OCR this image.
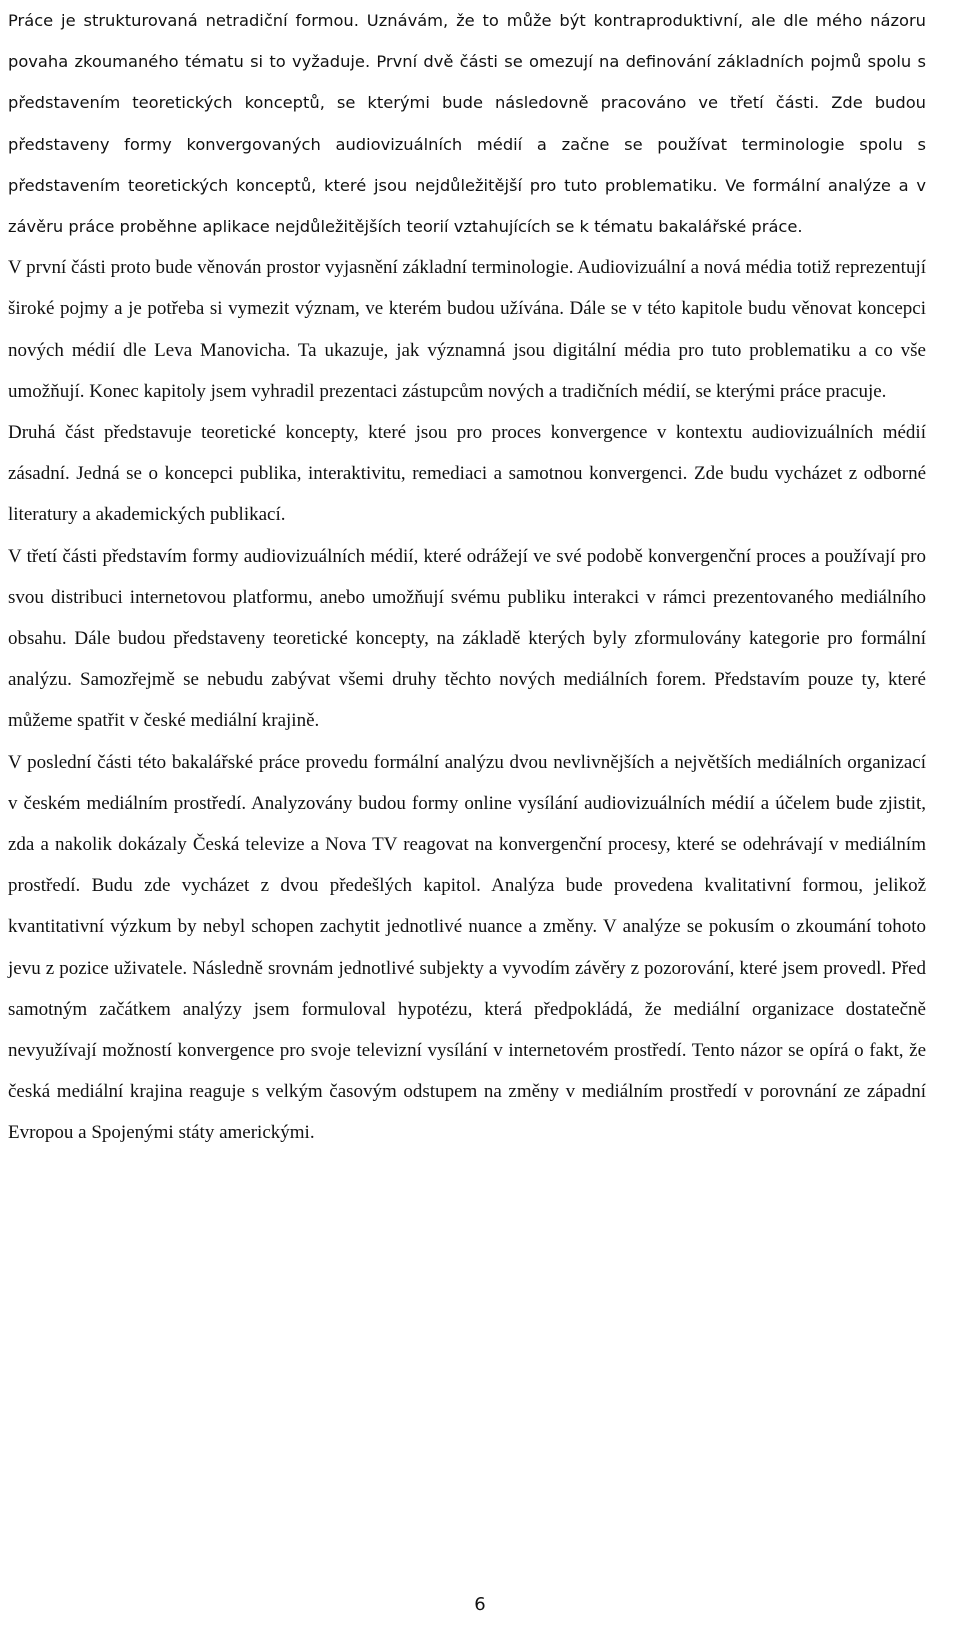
Práce je strukturovaná netradiční formou. Uznávám, že to může být kontraproduktivní, ale dle mého názoru povaha zkoumaného tématu si to vyžaduje. První dvě části se omezují na definování základních pojmů spolu s představením teoretických konceptů, se kterými bude následovně pracováno ve třetí části. Zde budou představeny formy konvergovaných audiovizuálních médií a začne se používat terminologie spolu s představením teoretických konceptů, které jsou nejdůležitější pro tuto problematiku. Ve formální analýze a v závěru práce proběhne aplikace nejdůležitějších teorií vztahujících se k tématu bakalářské práce.

V první části proto bude věnován prostor vyjasnění základní terminologie. Audiovizuální a nová média totiž reprezentují široké pojmy a je potřeba si vymezit význam, ve kterém budou užívána. Dále se v této kapitole budu věnovat koncepci nových médií dle Leva Manovicha. Ta ukazuje, jak významná jsou digitální média pro tuto problematiku a co vše umožňují. Konec kapitoly jsem vyhradil prezentaci zástupcům nových a tradičních médií, se kterými práce pracuje.

Druhá část představuje teoretické koncepty, které jsou pro proces konvergence v kontextu audiovizuálních médií zásadní. Jedná se o koncepci publika, interaktivitu, remediaci a samotnou konvergenci. Zde budu vycházet z odborné literatury a akademických publikací.

V třetí části představím formy audiovizuálních médií, které odrážejí ve své podobě konvergenční proces a používají pro svou distribuci internetovou platformu, anebo umožňují svému publiku interakci v rámci prezentovaného mediálního obsahu. Dále budou představeny teoretické koncepty, na základě kterých byly zformulovány kategorie pro formální analýzu. Samozřejmě se nebudu zabývat všemi druhy těchto nových mediálních forem. Představím pouze ty, které můžeme spatřit v české mediální krajině.

V poslední části této bakalářské práce provedu formální analýzu dvou nevlivnějších a největších mediálních organizací v českém mediálním prostředí. Analyzovány budou formy online vysílání audiovizuálních médií a účelem bude zjistit, zda a nakolik dokázaly Česká televize a Nova TV reagovat na konvergenční procesy, které se odehrávají v mediálním prostředí. Budu zde vycházet z dvou předešlých kapitol. Analýza bude provedena kvalitativní formou, jelikož kvantitativní výzkum by nebyl schopen zachytit jednotlivé nuance a změny. V analýze se pokusím o zkoumání tohoto jevu z pozice uživatele. Následně srovnám jednotlivé subjekty a vyvodím závěry z pozorování, které jsem provedl. Před samotným začátkem analýzy jsem formuloval hypotézu, která předpokládá, že mediální organizace dostatečně nevyužívají možností konvergence pro svoje televizní vysílání v internetovém prostředí. Tento názor se opírá o fakt, že česká mediální krajina reaguje s velkým časovým odstupem na změny v mediálním prostředí v porovnání ze západní Evropou a Spojenými státy americkými.

6
